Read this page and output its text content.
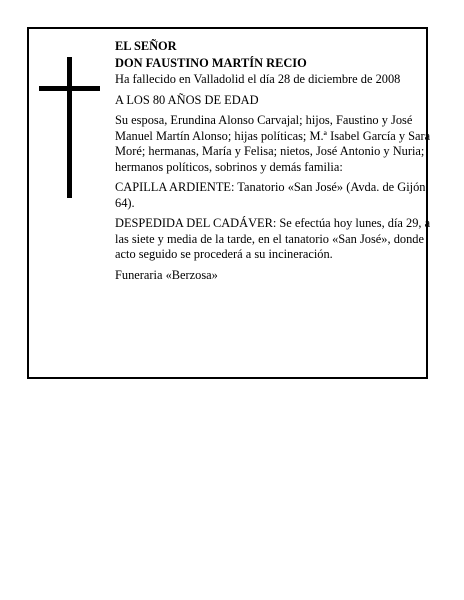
EL SEÑOR

DON FAUSTINO MARTÍN RECIO

Ha fallecido en Valladolid el día 28 de diciembre de 2008

A LOS 80 AÑOS DE EDAD

Su esposa, Erundina Alonso Carvajal; hijos, Faustino y José Manuel Martín Alonso; hijas políticas; M.ª Isabel García y Sara Moré; hermanas, María y Felisa; nietos, José Antonio y Nuria; hermanos políticos, sobrinos y demás familia:

CAPILLA ARDIENTE: Tanatorio «San José» (Avda. de Gijón, 64).

DESPEDIDA DEL CADÁVER: Se efectúa hoy lunes, día 29, a las siete y media de la tarde, en el tanatorio «San José», donde acto seguido se procederá a su incineración.

Funeraria «Berzosa»
